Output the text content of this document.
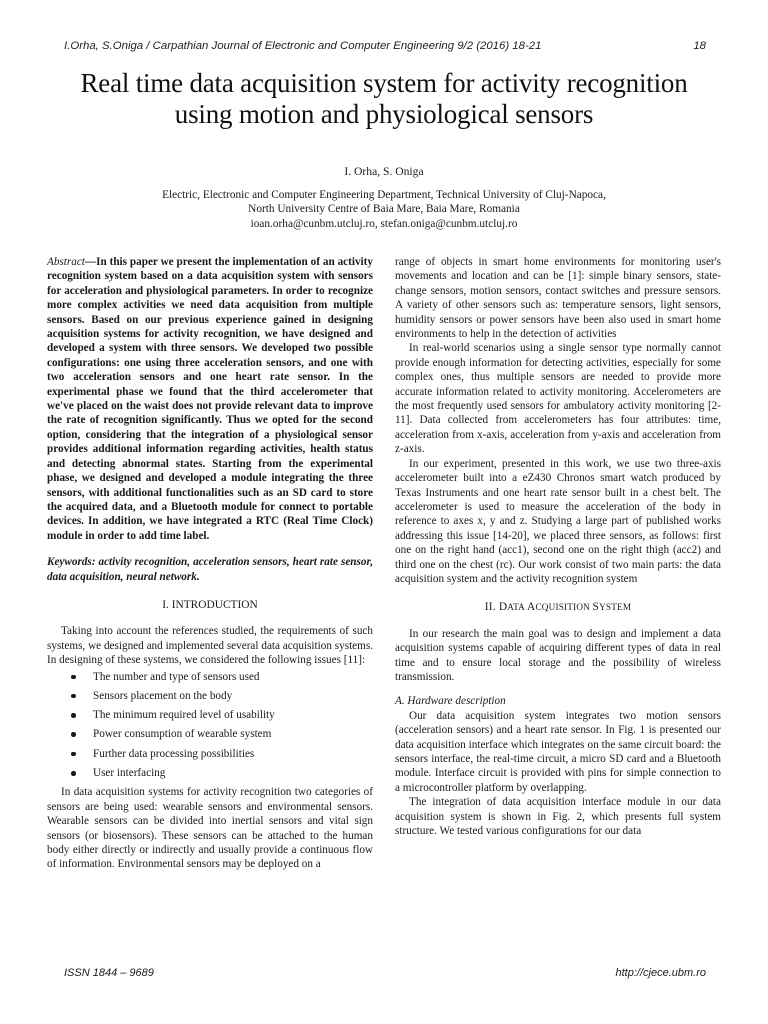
I.Orha, S.Oniga / Carpathian Journal of Electronic and Computer Engineering 9/2 (2016) 18-21	18
Real time data acquisition system for activity recognition
using motion and physiological sensors
I. Orha, S. Oniga
Electric, Electronic and Computer Engineering Department, Technical University of Cluj-Napoca,
North University Centre of Baia Mare, Baia Mare, Romania
ioan.orha@cunbm.utcluj.ro, stefan.oniga@cunbm.utcluj.ro

Abstract—In this paper we present the implementation of an activity recognition system based on a data acquisition system with sensors for acceleration and physiological parameters. In order to recognize more complex activities we need data acquisition from multiple sensors. Based on our previous experience gained in designing acquisition systems for activity recognition, we have designed and developed a system with three sensors. We developed two possible configurations: one using three acceleration sensors, and one with two acceleration sensors and one heart rate sensor. In the experimental phase we found that the third accelerometer that we've placed on the waist does not provide relevant data to improve the rate of recognition significantly. Thus we opted for the second option, considering that the integration of a physiological sensor provides additional information regarding activities, health status and detecting abnormal states. Starting from the experimental phase, we designed and developed a module integrating the three sensors, with additional functionalities such as an SD card to store the acquired data, and a Bluetooth module for connect to portable devices. In addition, we have integrated a RTC (Real Time Clock) module in order to add time label.

Keywords: activity recognition, acceleration sensors, heart rate sensor, data acquisition, neural network.

I. INTRODUCTION

Taking into account the references studied, the requirements of such systems, we designed and implemented several data acquisition systems. In designing of these systems, we considered the following issues [11]:

The number and type of sensors used
Sensors placement on the body
The minimum required level of usability
Power consumption of wearable system
Further data processing possibilities
User interfacing

In data acquisition systems for activity recognition two categories of sensors are being used: wearable sensors and environmental sensors. Wearable sensors can be divided into inertial sensors and vital sign sensors (or biosensors). These sensors can be attached to the human body either directly or indirectly and usually provide a continuous flow of information. Environmental sensors may be deployed on a

range of objects in smart home environments for monitoring user's movements and location and can be [1]: simple binary sensors, state-change sensors, motion sensors, contact switches and pressure sensors. A variety of other sensors such as: temperature sensors, light sensors, humidity sensors or power sensors have been also used in smart home environments to help in the detection of activities

In real-world scenarios using a single sensor type normally cannot provide enough information for detecting activities, especially for some complex ones, thus multiple sensors are needed to provide more accurate information related to activity monitoring. Accelerometers are the most frequently used sensors for ambulatory activity monitoring [2-11]. Data collected from accelerometers has four attributes: time, acceleration from x-axis, acceleration from y-axis and acceleration from z-axis.

In our experiment, presented in this work, we use two three-axis accelerometer built into a eZ430 Chronos smart watch produced by Texas Instruments and one heart rate sensor built in a chest belt. The accelerometer is used to measure the acceleration of the body in reference to axes x, y and z. Studying a large part of published works addressing this issue [14-20], we placed three sensors, as follows: first one on the right hand (acc1), second one on the right thigh (acc2) and third one on the chest (rc). Our work consist of two main parts: the data acquisition system and the activity recognition system

II. DATA ACQUISITION SYSTEM

In our research the main goal was to design and implement a data acquisition systems capable of acquiring different types of data in real time and to ensure local storage and the possibility of wireless transmission.

A. Hardware description

Our data acquisition system integrates two motion sensors (acceleration sensors) and a heart rate sensor. In Fig. 1 is presented our data acquisition interface which integrates on the same circuit board: the sensors interface, the real-time circuit, a micro SD card and a Bluetooth module. Interface circuit is provided with pins for simple connection to a microcontroller platform by overlapping.

The integration of data acquisition interface module in our data acquisition system is shown in Fig. 2, which presents full system structure. We tested various configurations for our data

ISSN 1844 – 9689	http://cjece.ubm.ro
